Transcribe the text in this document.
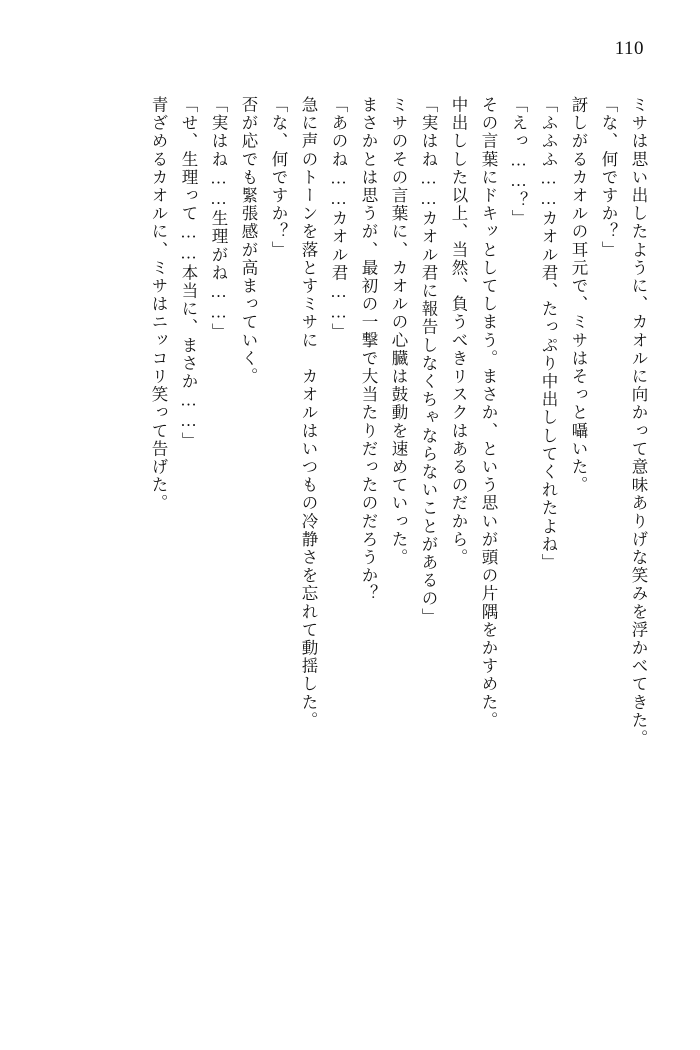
110
ミサは思い出したように、カオルに向かって意味ありげな笑みを浮かべてきた。
「な、何ですか？」
訝しがるカオルの耳元で、ミサはそっと囁いた。
「ふふふ……カオル君、たっぷり中出ししてくれたよね」
「えっ……？」
その言葉にドキッとしてしまう。まさか、という思いが頭の片隅をかすめた。
中出しした以上、当然、負うべきリスクはあるのだから。
「実はね……カオル君に報告しなくちゃならないことがあるの」
ミサのその言葉に、カオルの心臓は鼓動を速めていった。
まさかとは思うが、最初の一撃で大当たりだったのだろうか？
「あのね……カオル君……」
急に声のトーンを落とすミサに　カオルはいつもの冷静さを忘れて動揺した。
「な、何ですか？」
否が応でも緊張感が高まっていく。
「実はね……生理がね……」
「せ、生理って……本当に、まさか……」
青ざめるカオルに、ミサはニッコリ笑って告げた。
